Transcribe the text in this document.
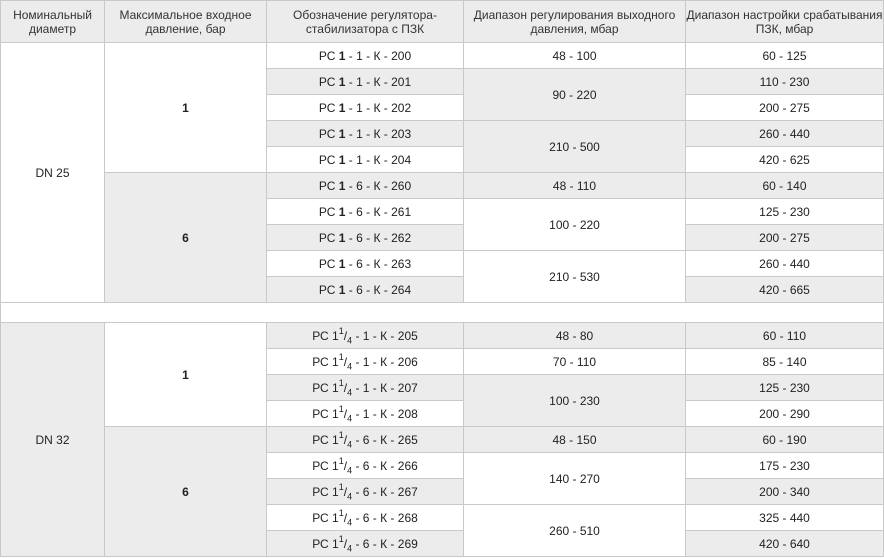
Номинальный диаметр	Максимальное входное давление, бар	Обозначение регулятора-стабилизатора с ПЗК	Диапазон регулирования выходного давления, мбар	Диапазон настройки срабатывания ПЗК, мбар
DN 25	1	РС 1 - 1 - К - 200	48 - 100	60 - 125
		РС 1 - 1 - К - 201	90 - 220	110 - 230
		РС 1 - 1 - К - 202		200 - 275
		РС 1 - 1 - К - 203	210 - 500	260 - 440
		РС 1 - 1 - К - 204		420 - 625
	6	РС 1 - 6 - К - 260	48 - 110	60 - 140
		РС 1 - 6 - К - 261	100 - 220	125 - 230
		РС 1 - 6 - К - 262		200 - 275
		РС 1 - 6 - К - 263	210 - 530	260 - 440
		РС 1 - 6 - К - 264		420 - 665

DN 32	1	РС $1^1/_4 - 1$ - К - 205	48 - 80	60 - 110
		РС $1^1/_4 - 1$ - К - 206	70 - 110	85 - 140
		РС $1^1/_4 - 1$ - К - 207	100 - 230	125 - 230
		РС $1^1/_4 - 1$ - К - 208		200 - 290
	6	РС $1^1/_4 - 6$ - К - 265	48 - 150	60 - 190
		РС $1^1/_4 - 6$ - К - 266	140 - 270	175 - 230
		РС $1^1/_4 - 6$ - К - 267		200 - 340
		РС $1^1/_4 - 6$ - К - 268	260 - 510	325 - 440
		РС $1^1/_4 - 6$ - К - 269		420 - 640
